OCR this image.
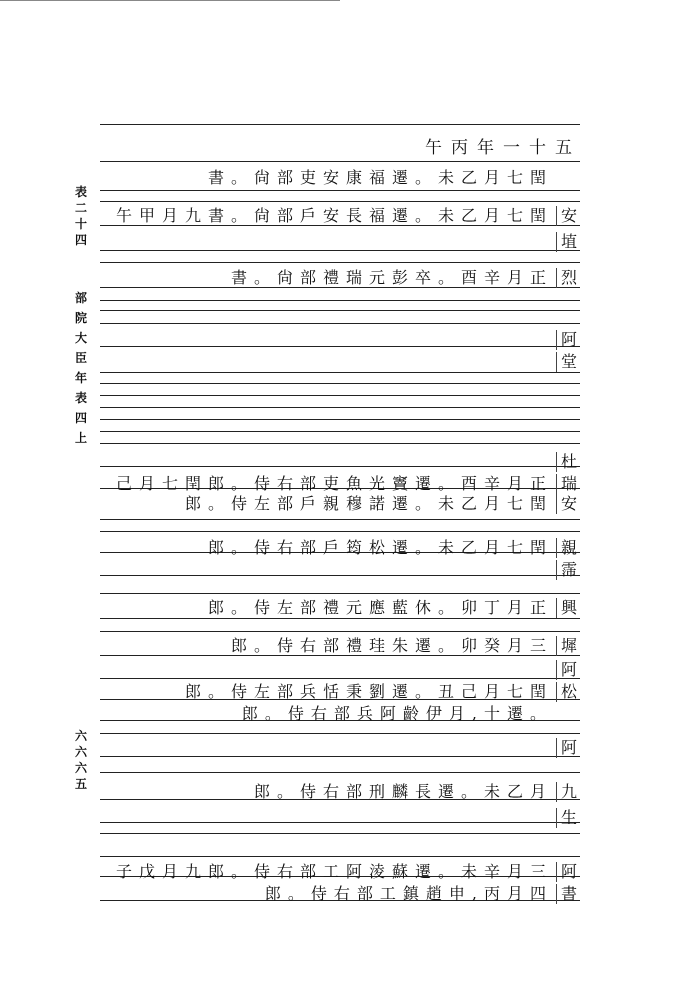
午丙年一十五
表二十四
部院大臣年表四上
六六六五
書。尙部吏安康福遷。未乙月七閏
午甲月九書。尙部戶安長福遷。未乙月七閏 安
埴
書。尙部禮瑞元彭卒。酉辛月正 烈
阿
堂
杜
己月七閏郎。侍右部吏魚光竇遷。酉辛月正 瑞
郎。侍左部戶親穆諾遷。未乙月七閏 安
郎。侍右部戶筠松遷。未乙月七閏 親
霈
郎。侍左部禮元應藍休。卯丁月正 興
郎。侍右部禮珪朱遷。卯癸月三 墀
阿
郎。侍左部兵恬秉劉遷。丑己月七閏 松
郎。侍右部兵阿齡伊月,十遷。
阿
郎。侍右部刑麟長遷。未乙月 九
生
子戊月九郎。侍右部工阿淩蘇遷。未辛月三 阿
郎。侍右部工鎮趙申,丙月四 書
